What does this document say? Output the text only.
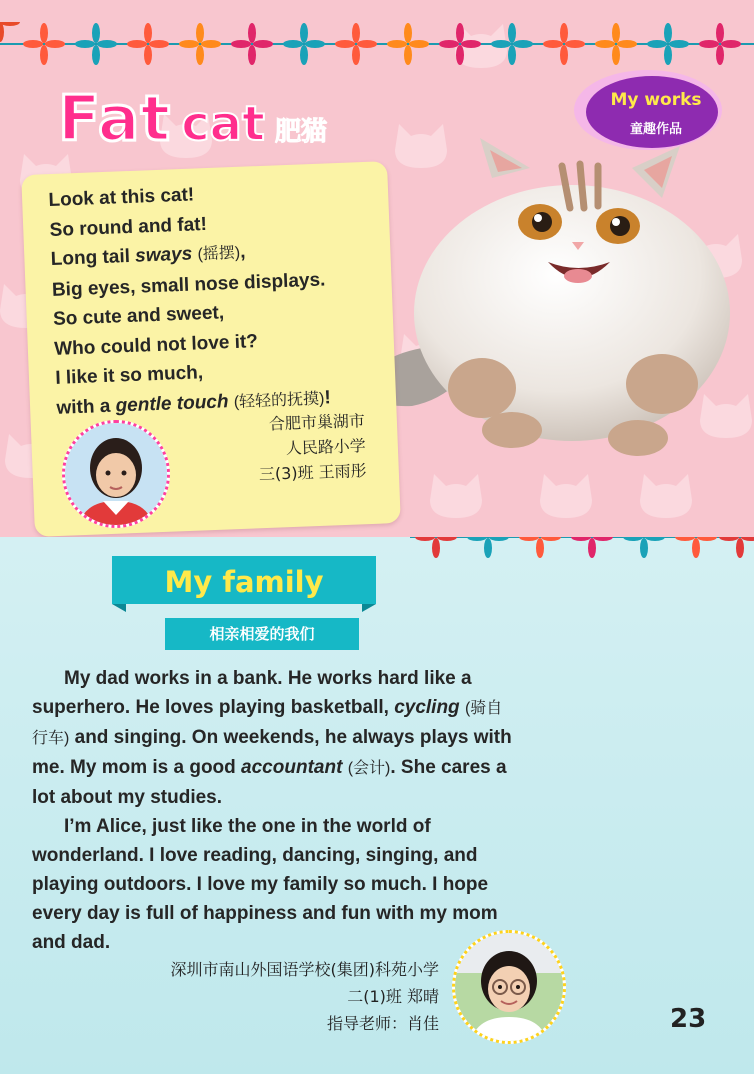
Fat cat 肥猫
My works
童趣作品
Look at this cat!
So round and fat!
Long tail sways (摇摆),
Big eyes, small nose displays.
So cute and sweet,
Who could not love it?
I like it so much,
with a gentle touch (轻轻的抚摸)!
合肥市巢湖市
人民路小学
三(3)班 王雨彤
My family
相亲相爱的我们

My dad works in a bank. He works hard like a superhero. He loves playing basketball, cycling (骑自行车) and singing. On weekends, he always plays with me. My mom is a good accountant (会计). She cares a lot about my studies.

I’m Alice, just like the one in the world of wonderland. I love reading, dancing, singing, and playing outdoors. I love my family so much. I hope every day is full of happiness and fun with my mom and dad.

深圳市南山外国语学校(集团)科苑小学
二(1)班 郑晴
指导老师：肖佳	23
